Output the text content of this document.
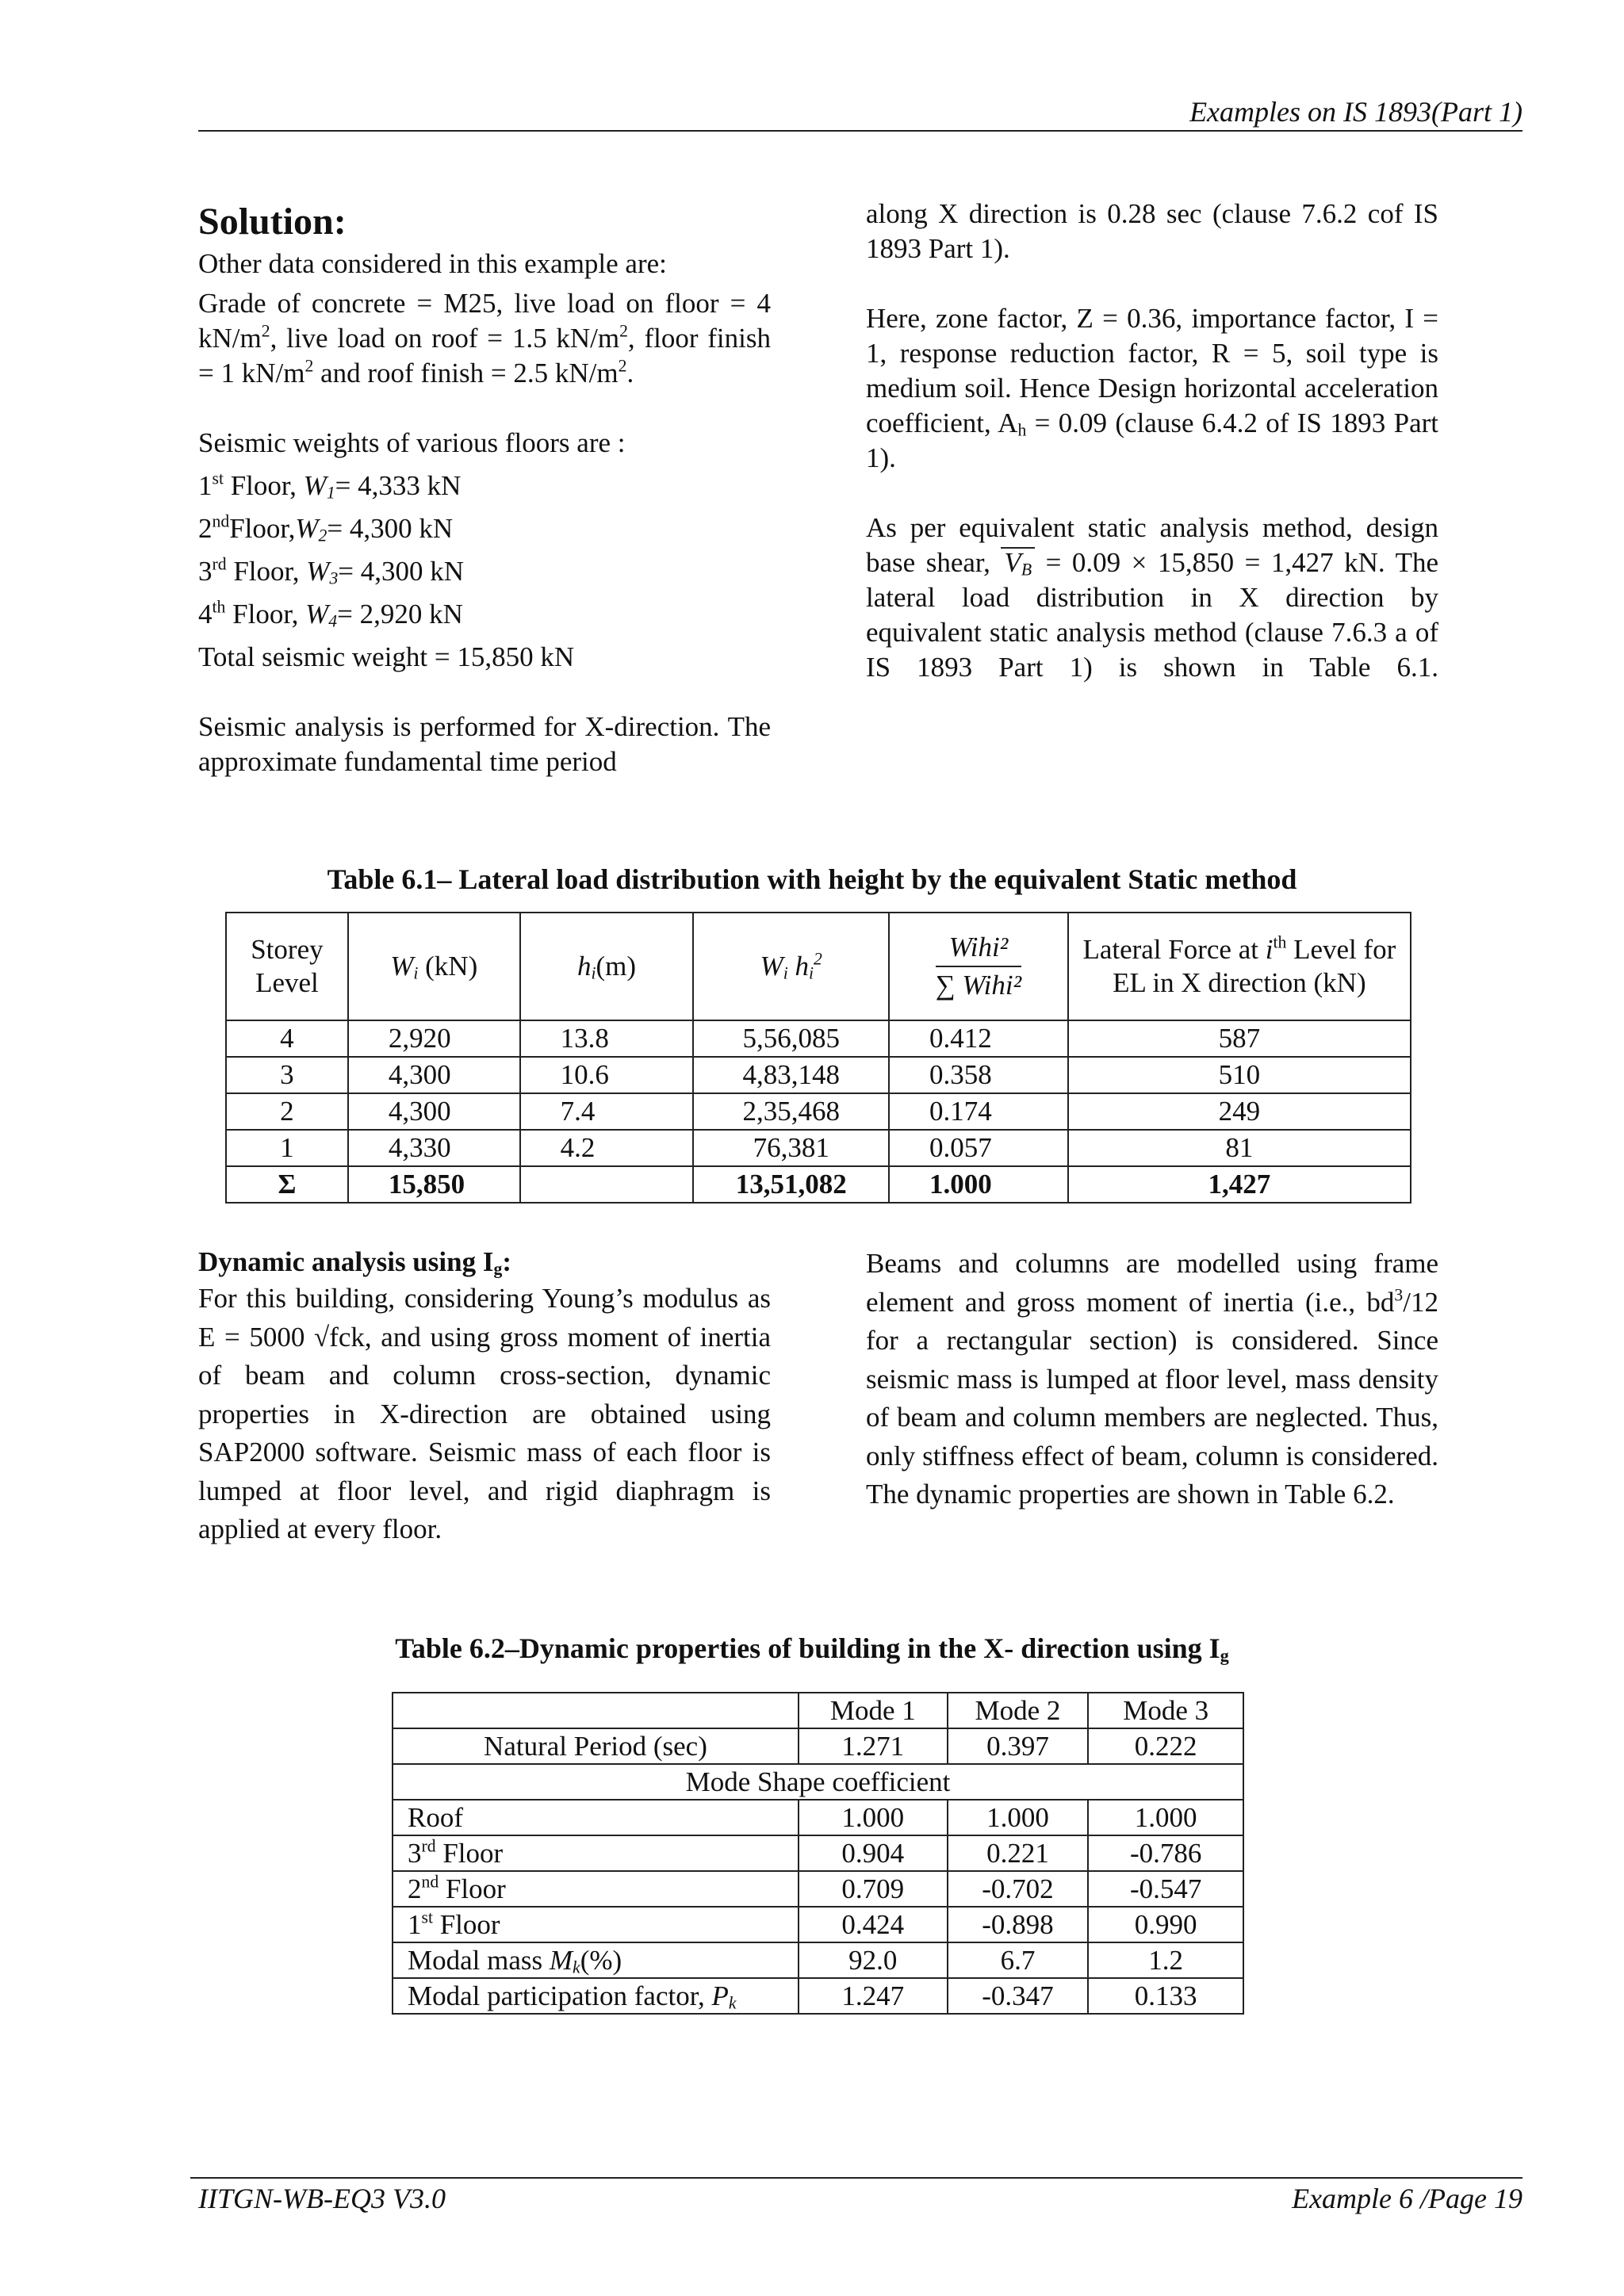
Examples on IS 1893(Part 1)
Solution:
Other data considered in this example are:
Grade of concrete = M25, live load on floor = 4 $kN/m^2$, live load on roof = 1.5 $kN/m^2$, floor finish = 1 $kN/m^2$ and roof finish = 2.5 $kN/m^2$.
Seismic weights of various floors are :
1st Floor, $W_1= 4,333$ kN
$2ndFloor,W_2= 4,300$ kN
3rd Floor, $W_3= 4,300$ kN
4th Floor, $W_4= 2,920$ kN
Total seismic weight = 15,850 kN
Seismic analysis is performed for X-direction. The approximate fundamental time period
along X direction is 0.28 sec (clause 7.6.2 cof IS 1893 Part 1).
Here, zone factor, Z = 0.36, importance factor, I = 1, response reduction factor, R = 5, soil type is medium soil. Hence Design horizontal acceleration coefficient, $A_h = 0.09$ (clause 6.4.2 of IS 1893 Part 1).
As per equivalent static analysis method, design base shear, $V_B = 0.09 \times 15,850 = 1,427$ kN. The lateral load distribution in X direction by equivalent static analysis method (clause 7.6.3 a of IS 1893 Part 1) is shown in Table 6.1.
Table 6.1– Lateral load distribution with height by the equivalent Static method
Storey Level	$W_i$ (kN)	$h_i(m)$	$W_i$ $h_i^2$	$\frac{\text{Wihi²}}{\text{∑ Wihi²}}$	Lateral Force at $i^{th}$ Level for EL in X direction (kN)
4	2,920	13.8	5,56,085	0.412	587
3	4,300	10.6	4,83,148	0.358	510
2	4,300	7.4	2,35,468	0.174	249
1	4,330	4.2	76,381	0.057	81
Σ	15,850		13,51,082	1.000	1,427
Dynamic analysis using $I_g$:
For this building, considering Young’s modulus as E = 5000 √fck, and using gross moment of inertia of beam and column cross-section, dynamic properties in X-direction are obtained using SAP2000 software. Seismic mass of each floor is lumped at floor level, and rigid diaphragm is applied at every floor.
Beams and columns are modelled using frame element and gross moment of inertia (i.e., $bd^3/12$ for a rectangular section) is considered. Since seismic mass is lumped at floor level, mass density of beam and column members are neglected. Thus, only stiffness effect of beam, column is considered. The dynamic properties are shown in Table 6.2.
Table 6.2–Dynamic properties of building in the X- direction using $I_g$
	Mode 1	Mode 2	Mode 3
Natural Period (sec)	1.271	0.397	0.222
Mode Shape coefficient			
Roof	1.000	1.000	1.000
3rd Floor	0.904	0.221	-0.786
2nd Floor	0.709	-0.702	-0.547
1st Floor	0.424	-0.898	0.990
Modal mass $M_k(\%)$	92.0	6.7	1.2
Modal participation factor, $P_k$	1.247	-0.347	0.133
IITGN-WB-EQ3 V3.0	Example 6 /Page 19
